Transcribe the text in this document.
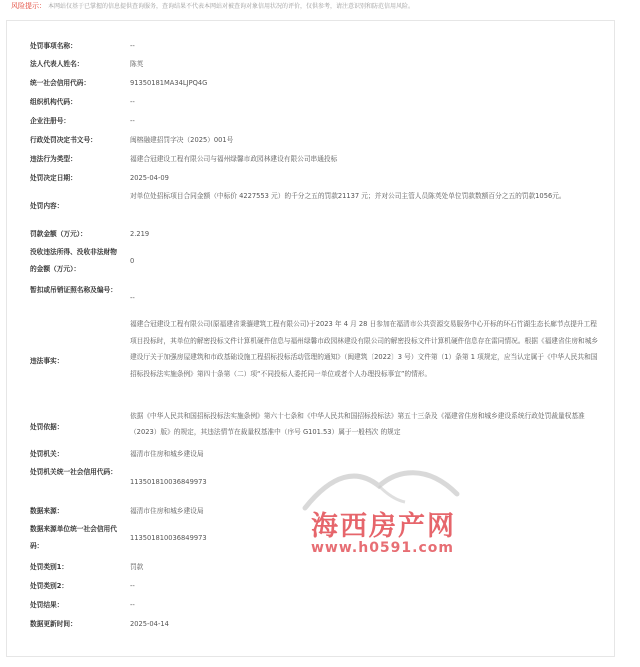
风险提示： 本网站仅基于已掌握的信息提供查询服务，查询结果不代表本网站对被查询对象信用状况的评价，仅供参考，请注意识别和防范信用风险。
处罚事项名称：	--
法人代表人姓名：	陈英
统一社会信用代码：	91350181MA34LJPQ4G
组织机构代码：	--
企业注册号：	--
行政处罚决定书文号：	闽榕融建招罚字决（2025）001号
违法行为类型：	福建合冠建设工程有限公司与福州绿馨市政园林建设有限公司串通投标
处罚决定日期：	2025-04-09
处罚内容：
对单位处招标项目合同金额（中标价 4227553 元）的千分之五的罚款21137 元；并对公司主管人员陈英处单位罚款数额百分之五的罚款1056元。
罚款金额（万元）：	2.219
没收违法所得、没收非法财物的金额（万元）：
0
暂扣或吊销证照名称及编号：
--
违法事实：
福建合冠建设工程有限公司(原福建省秉骧建筑工程有限公司)于2023 年 4 月 28 日参加在福清市公共资源交易服务中心开标的环石竹湖生态长廊节点提升工程项目投标时，其单位的解密投标文件计算机硬件信息与福州绿馨市政园林建设有限公司的解密投标文件计算机硬件信息存在雷同情况。根据《福建省住房和城乡建设厅关于加强房屋建筑和市政基础设施工程招标投标活动管理的通知》（闽建筑〔2022〕3 号）文件第（1）条第 1 项规定，应当认定属于《中华人民共和国招标投标法实施条例》第四十条第（二）项“不同投标人委托同一单位或者个人办理投标事宜”的情形。
处罚依据：
依据《中华人民共和国招标投标法实施条例》第六十七条和《中华人民共和国招标投标法》第五十三条及《福建省住房和城乡建设系统行政处罚裁量权基准（2023）版》的规定，其违法情节在裁量权基准中（序号 G101.53）属于一般档次 的规定
处罚机关：	福清市住房和城乡建设局
处罚机关统一社会信用代码：
11350181003684997​3
数据来源：	福清市住房和城乡建设局
数据来源单位统一社会信用代码：
113501810036849973
处罚类别1：	罚款
处罚类别2：	--
处罚结果：	--
数据更新时间：	2025-04-14
海西房产网
www.h0591.com
